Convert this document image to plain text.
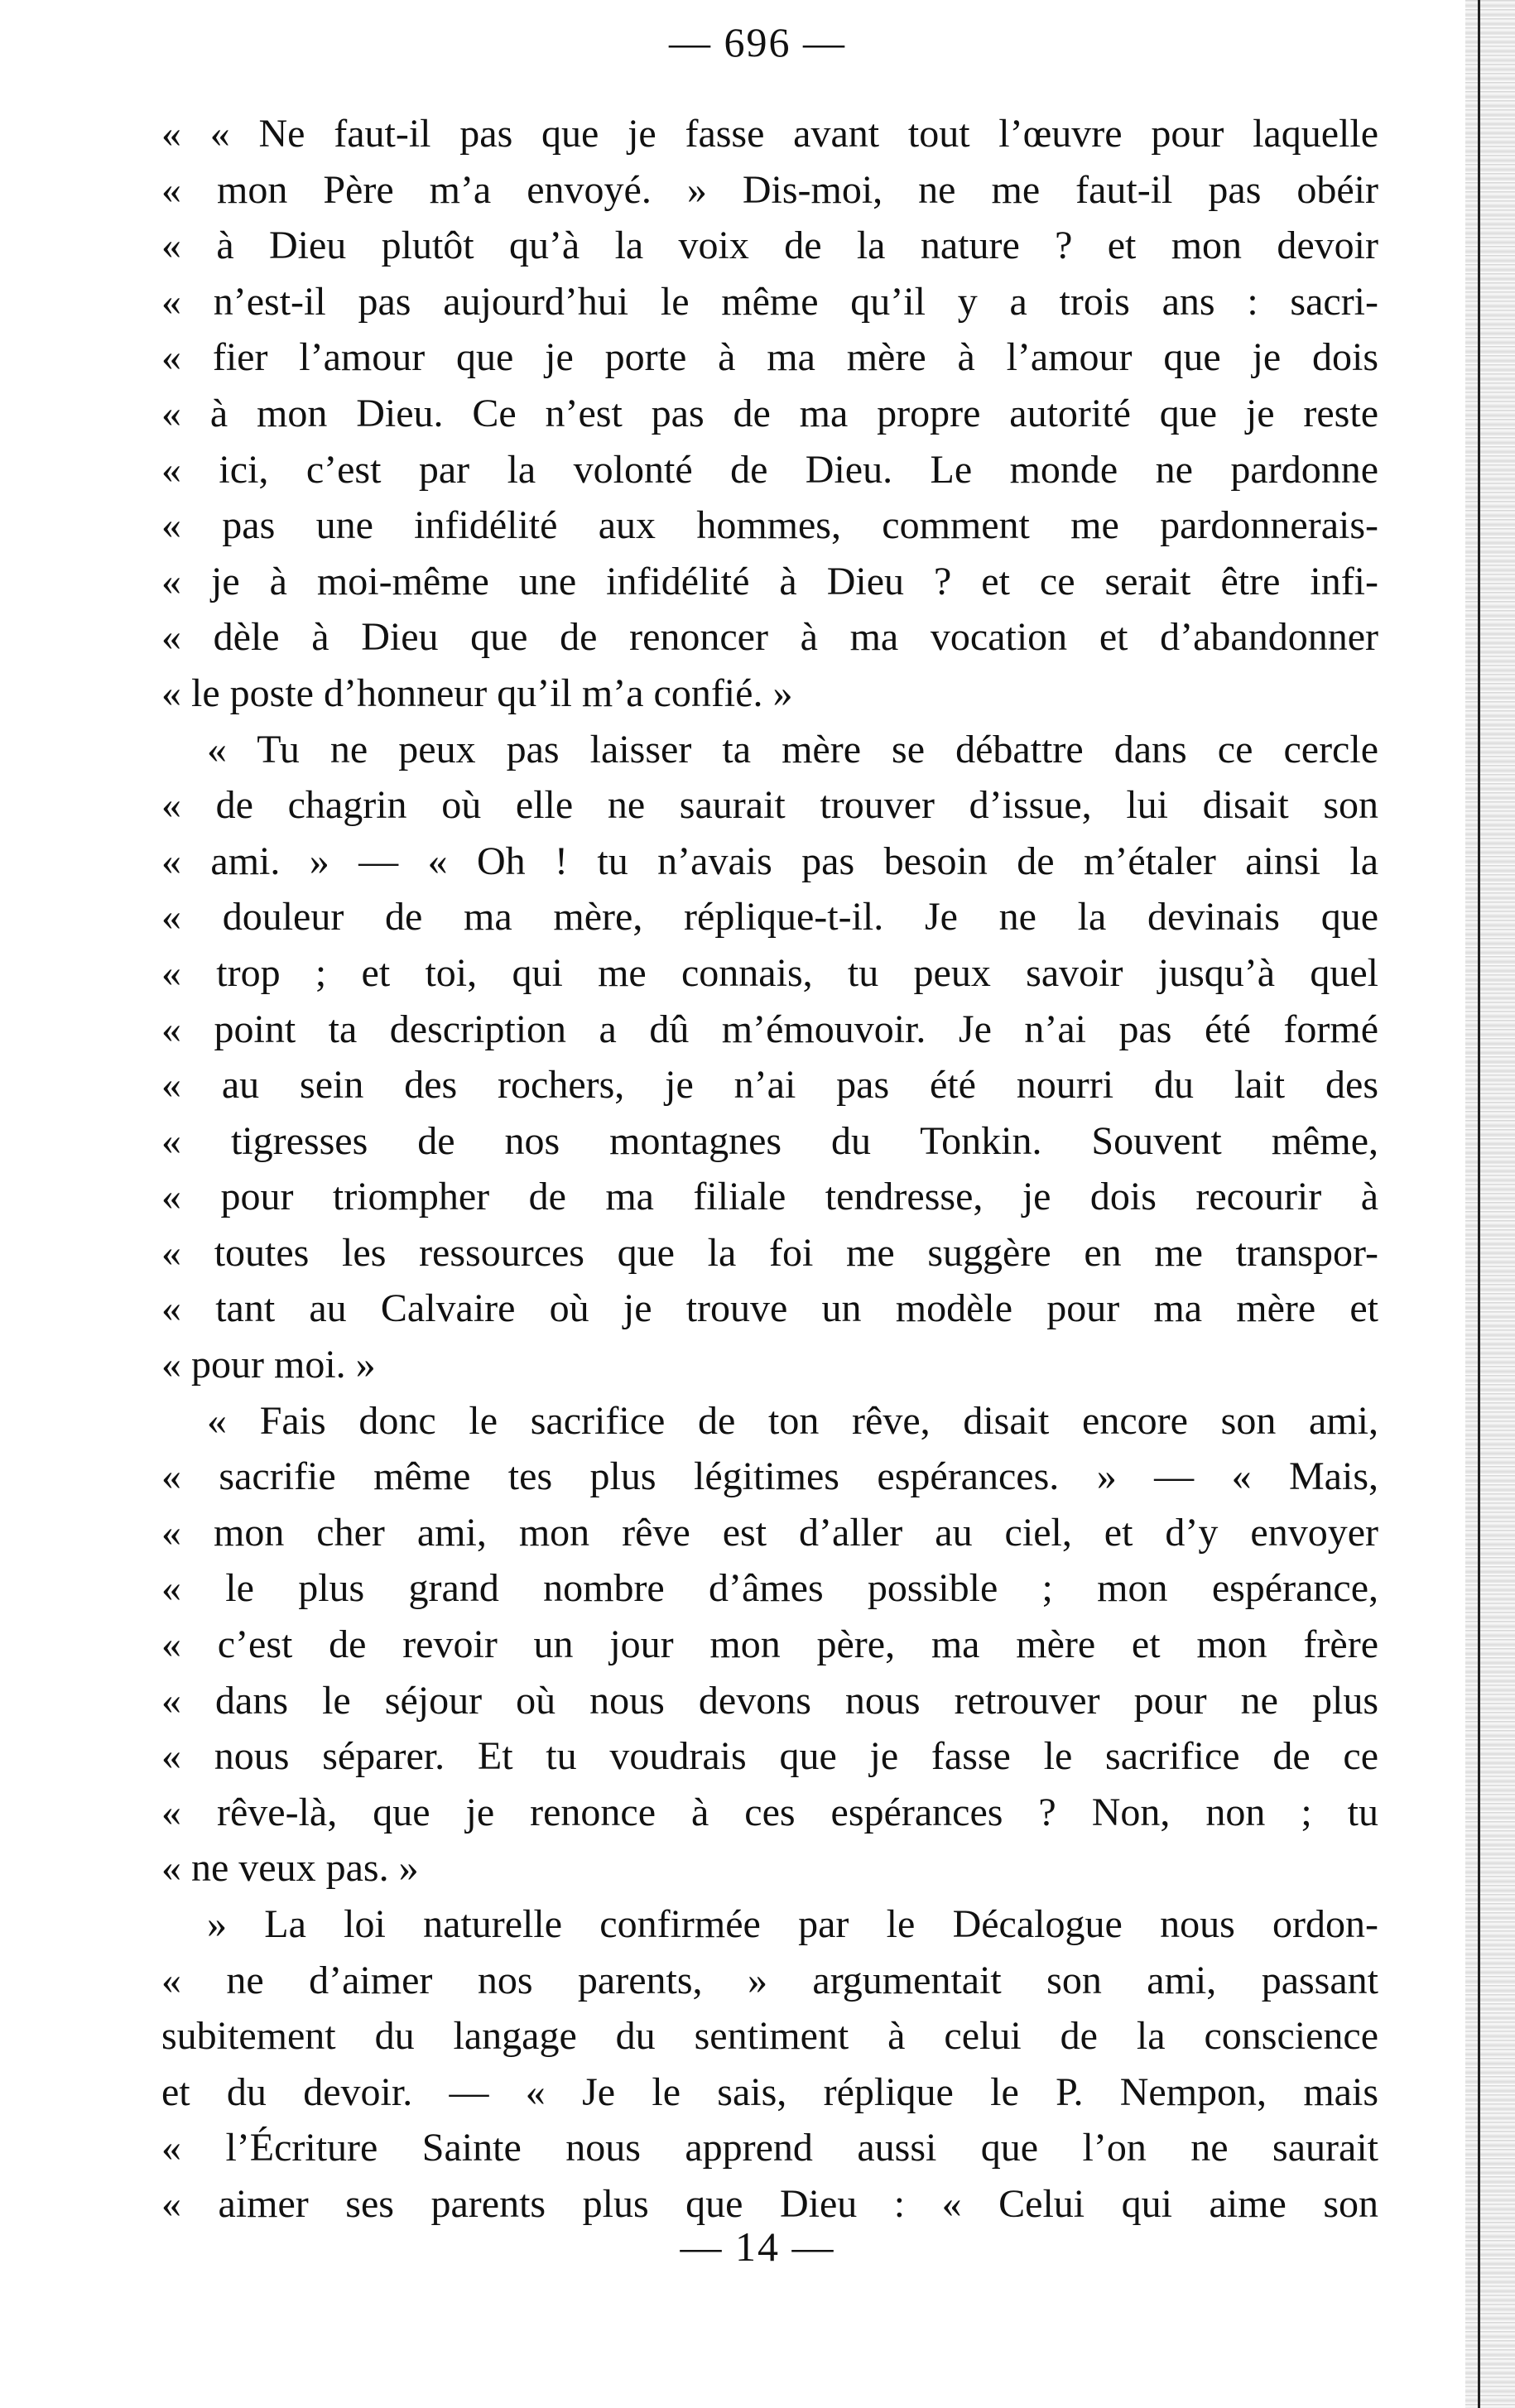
— 696 —
« « Ne faut-il pas que je fasse avant tout l’œuvre pour laquelle
« mon Père m’a envoyé. » Dis-moi, ne me faut-il pas obéir
« à Dieu plutôt qu’à la voix de la nature ? et mon devoir
« n’est-il pas aujourd’hui le même qu’il y a trois ans : sacri-
« fier l’amour que je porte à ma mère à l’amour que je dois
« à mon Dieu. Ce n’est pas de ma propre autorité que je reste
« ici, c’est par la volonté de Dieu. Le monde ne pardonne
« pas une infidélité aux hommes, comment me pardonnerais-
« je à moi-même une infidélité à Dieu ? et ce serait être infi-
« dèle à Dieu que de renoncer à ma vocation et d’abandonner
« le poste d’honneur qu’il m’a confié. »
« Tu ne peux pas laisser ta mère se débattre dans ce cercle
« de chagrin où elle ne saurait trouver d’issue, lui disait son
« ami. » — « Oh ! tu n’avais pas besoin de m’étaler ainsi la
« douleur de ma mère, réplique-t-il. Je ne la devinais que
« trop ; et toi, qui me connais, tu peux savoir jusqu’à quel
« point ta description a dû m’émouvoir. Je n’ai pas été formé
« au sein des rochers, je n’ai pas été nourri du lait des
« tigresses de nos montagnes du Tonkin. Souvent même,
« pour triompher de ma filiale tendresse, je dois recourir à
« toutes les ressources que la foi me suggère en me transpor-
« tant au Calvaire où je trouve un modèle pour ma mère et
« pour moi. »
« Fais donc le sacrifice de ton rêve, disait encore son ami,
« sacrifie même tes plus légitimes espérances. » — « Mais,
« mon cher ami, mon rêve est d’aller au ciel, et d’y envoyer
« le plus grand nombre d’âmes possible ; mon espérance,
« c’est de revoir un jour mon père, ma mère et mon frère
« dans le séjour où nous devons nous retrouver pour ne plus
« nous séparer. Et tu voudrais que je fasse le sacrifice de ce
« rêve-là, que je renonce à ces espérances ? Non, non ; tu
« ne veux pas. »
» La loi naturelle confirmée par le Décalogue nous ordon-
« ne d’aimer nos parents, » argumentait son ami, passant
subitement du langage du sentiment à celui de la conscience
et du devoir. — « Je le sais, réplique le P. Nempon, mais
« l’Écriture Sainte nous apprend aussi que l’on ne saurait
« aimer ses parents plus que Dieu : « Celui qui aime son
— 14 —
